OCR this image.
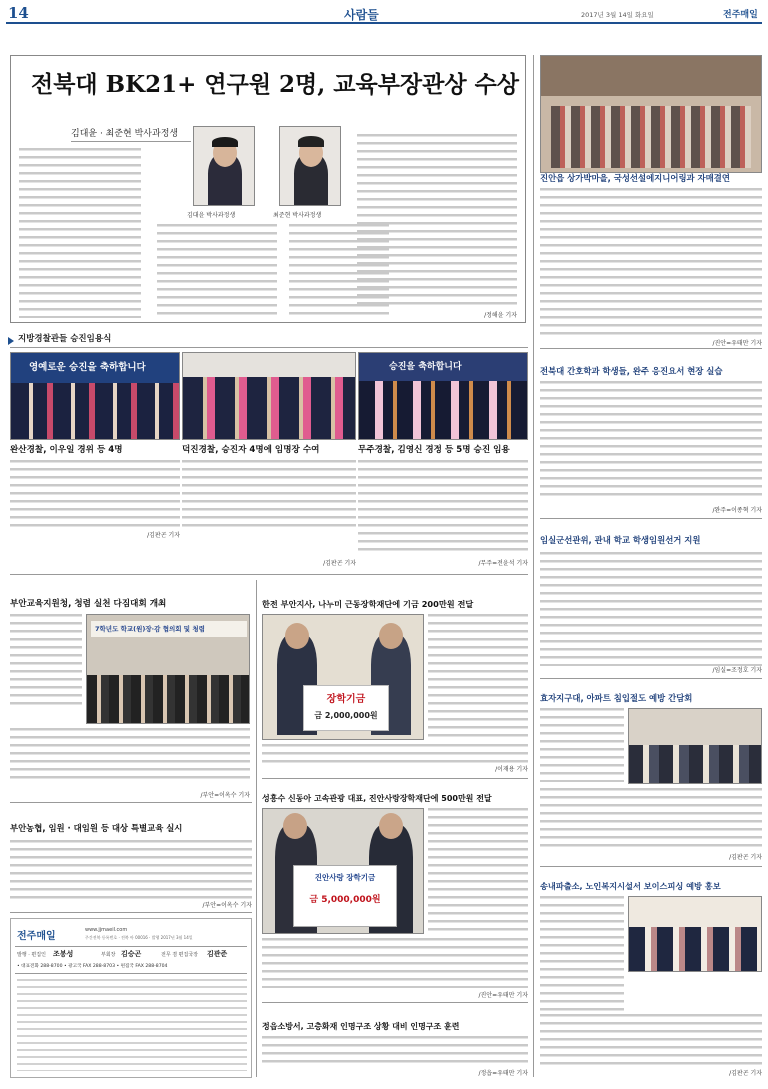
14	사람들	2017년 3월 14일 화요일	전주매일
전북대 BK21+ 연구원 2명, 교육부장관상 수상
김대윤 · 최준현 박사과정생
김대윤 박사과정생	최준현 박사과정생
/정해윤 기자
진안읍 상가박마을, 국성선설에지니어링과 자매결연
/진안=우태만 기자
지방경찰관들 승진임용식
영예로운 승진을 축하합니다	승진을 축하합니다
완산경찰, 이우일 경위 등 4명
/김판곤 기자
덕진경찰, 승진자 4명에 임명장 수여
/김판곤 기자
무주경찰, 김영신 경정 등 5명 승진 임용
/무주=전윤석 기자
전북대 간호학과 학생들, 완주 응진요서 현장 실습
/완주=이종혁 기자
임실군선관위, 관내 학교 학생임원선거 지원
/임실=조정호 기자
효자지구대, 아파트 침입절도 예방 간담회
/김판곤 기자
송내파출소, 노인복지시설서 보이스피싱 예방 홍보
/김판곤 기자
부안교육지원청, 청렴 실천 다짐대회 개최
7학년도 학교(원)장·감 협의회 및 청렴
/부안=이옥수 기자
부안농협, 임원 · 대임원 등 대상 특별교육 실시
/부안=이옥수 기자
전주매일
www.jjmaeil.com
주간전북 등록번호 · 전북 아 00016 · 발행 2017년 3월 14일
발행 · 편집인 조봉성	부회장 김승곤	전무 겸 편집국장 김관준
• 대표전화 288-8700 • 광고국 FAX 288-8703 • 편집국 FAX 288-8704
한전 부안지사, 나누미 근동장학재단에 기금 200만원 전달
장학기금
금 2,000,000원
/이재용 기자
성흥수 신동아 고속관광 대표, 진안사랑장학재단에 500만원 전달
진안사랑 장학기금
금 5,000,000원
/진안=우태만 기자
정읍소방서, 고층화재 인명구조 상황 대비 인명구조 훈련
/정읍=우태만 기자
